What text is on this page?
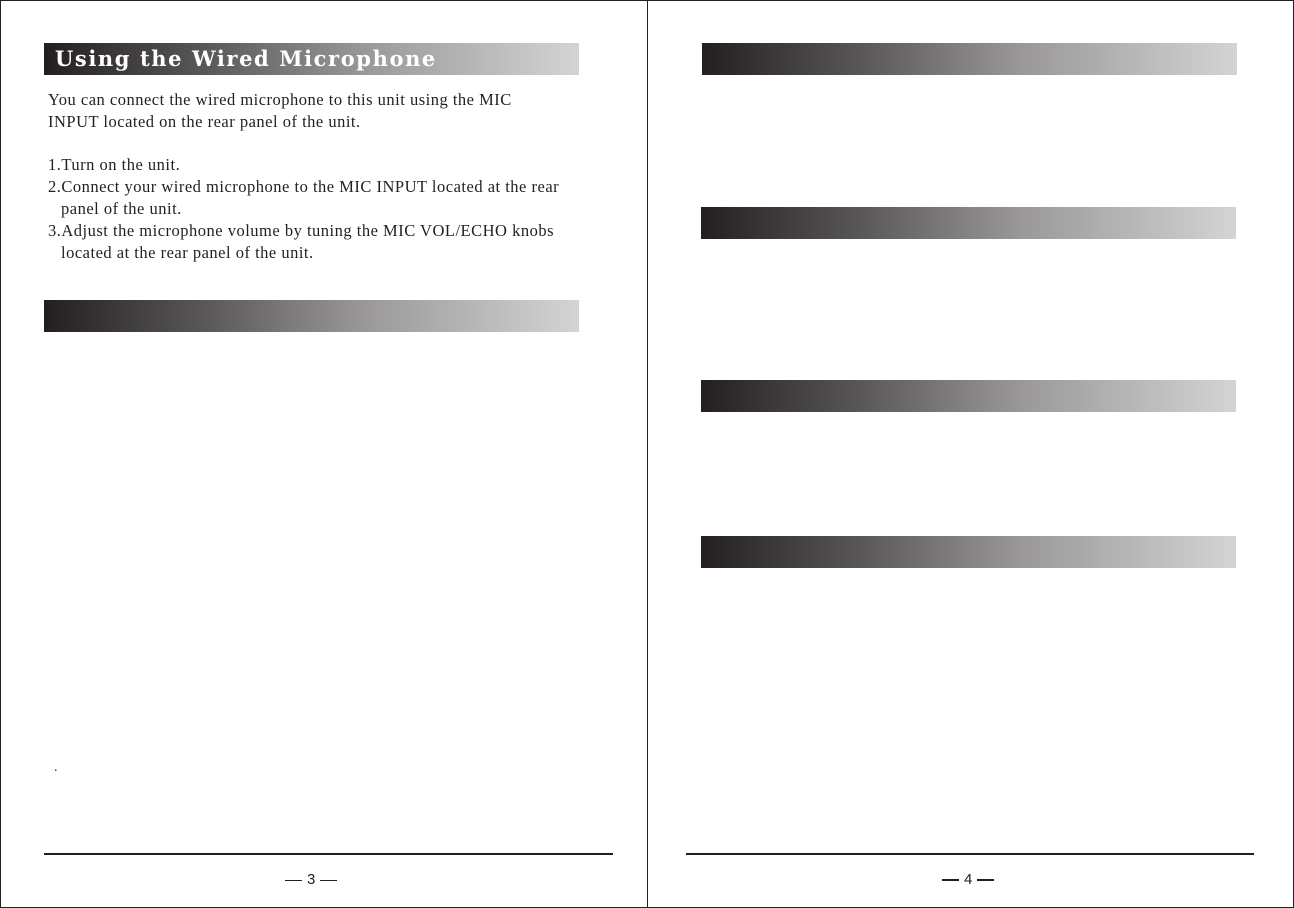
Using the Wired Microphone
You can connect the wired microphone to this unit using the MIC
INPUT located on the rear panel of the unit.
1.Turn on the unit.
2.Connect your wired microphone to the MIC INPUT located at the rear
panel of the unit.
3.Adjust the microphone volume by tuning the MIC VOL/ECHO knobs
located at the rear panel of the unit.
.
3	4
